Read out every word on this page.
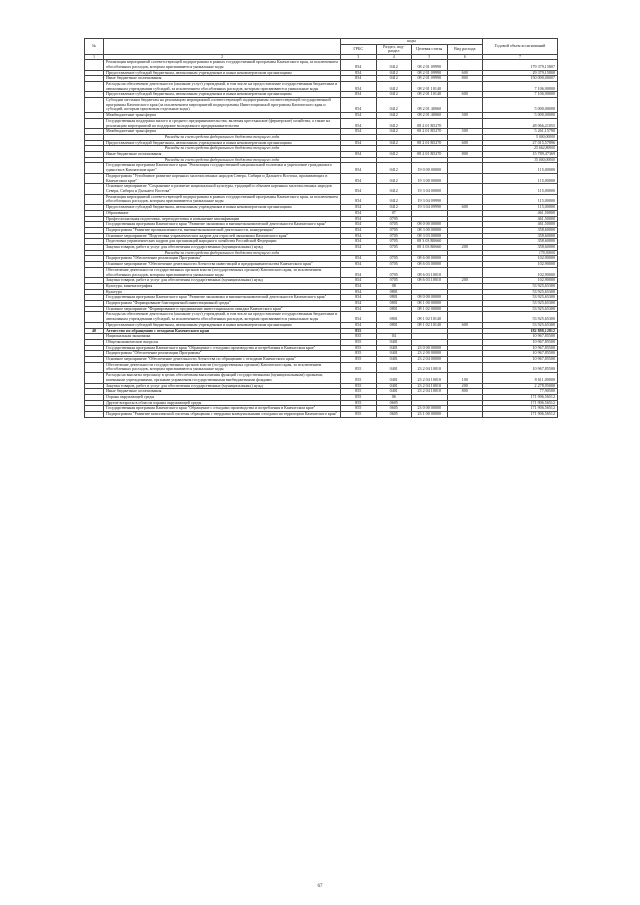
№		коды				Годовой объем ассигнований
		ГРБС	Раздел, под-раздел	Целевая статья	Вид расхода	
1	2	3	4	5	6	7
	Реализация мероприятий соответствующей подпрограммы в рамках государственной программы Камчатского края, за исключением обособленных расходов, которым присваиваются уникальные коды	854	0412	08 2 01 09990		179 379,15807
	Предоставление субсидий бюджетным, автономным учреждениям и иным некоммерческим организациям	854	0412	08 2 01 09990	600	29 379,15800
	Иные бюджетные ассигнования	854	0412	08 2 01 09990	800	150 000,00007
	Расходы на обеспечение деятельности (оказание услуг) учреждений, в том числе на предоставление государственным бюджетным и автономным учреждениям субсидий, за исключением обособленных расходов, которым присваиваются уникальные коды	854	0412	08 2 01 10140		7 106,90000
	Предоставление субсидий бюджетным, автономным учреждениям и иным некоммерческим организациям	854	0412	08 2 01 10140	600	7 106,90000
	Субсидии местным бюджетам на реализацию мероприятий соответствующей подпрограммы соответствующей государственной программы Камчатского края (за исключением мероприятий подпрограммы Инвестиционной программы Камчатского края и субсидий, которым присвоены отдельные коды)	854	0412	08 2 01 40060		5 000,00000
	Межбюджетные трансферты	854	0412	08 2 01 40060	500	5 000,00000
	Государственная поддержка малого и среднего предпринимательства, включая крестьянские (фермерские) хозяйства, а также на реализацию мероприятий по поддержке молодежного предпринимательства	854	0412	08 2 01 R5270		48 066,21055
	Межбюджетные трансферты	854	0412	08 2 01 R5270	500	5 261,15790
	Расходы за счет средств федерального бюджета текущего года					5 000,00000
	Предоставление субсидий бюджетным, автономным учреждениям и иным некоммерческим организациям	854	0412	08 2 01 R5270	600	27 015,57896
	Расходы за счет средств федерального бюджета текущего года					25 662,80000
	Иные бюджетные ассигнования	854	0412	08 2 01 R5270	800	15 789,47369
	Расходы за счет средств федерального бюджета текущего года					15 000,00000
	Государственная программа Камчатского края "Реализация государственной национальной политики и укрепление гражданского единства в Камчатском крае"	854	0412	19 0 00 00000		115,00000
	Подпрограмма "Устойчивое развитие коренных малочисленных народов Севера, Сибири и Дальнего Востока, проживающих в Камчатском крае"	854	0412	19 3 00 00000		115,00000
	Основное мероприятие "Сохранение и развитие национальной культуры, традиций и обычаев коренных малочисленных народов Севера, Сибири и Дальнего Востока"	854	0412	19 3 04 00000		115,00000
	Реализация мероприятий соответствующей подпрограммы в рамках государственной программы Камчатского края, за исключением обособленных расходов, которым присваиваются уникальные коды	854	0412	19 3 04 09990		115,00000
	Предоставление субсидий бюджетным, автономным учреждениям и иным некоммерческим организациям	854	0412	19 3 04 09990	600	115,00000
	Образование	854	07			461,50000
	Профессиональная подготовка, переподготовка и повышение квалификации	854	0705			461,50000
	Государственная программа Камчатского края "Развитие экономики и внешнеэкономической деятельности Камчатского края"	854	0705	08 0 00 00000		461,50000
	Подпрограмма "Развитие промышленности, внешнеэкономической деятельности, конкуренции"	854	0705	08 3 00 00000		358,60000
	Основное мероприятие "Подготовка управленческих кадров для отраслей экономики Камчатского края"	854	0705	08 3 03 00000		358,60000
	Подготовка управленческих кадров для организаций народного хозяйства Российской Федерации	854	0705	08 3 03 R0660		358,60000
	Закупка товаров, работ и услуг для обеспечения государственных (муниципальных) нужд	854	0705	08 3 03 R0660	200	358,60000
	Расходы за счет средств федерального бюджета текущего года					179,30000
	Подпрограмма "Обеспечение реализации Программы"	854	0705	08 6 00 00000		102,90000
	Основное мероприятие "Обеспечение деятельности Агентства инвестиций и предпринимательства Камчатского края"	854	0705	08 6 03 00000		102,90000
	Обеспечение деятельности государственных органов власти (государственных органов) Камчатского края, за исключением обособленных расходов, которым присваиваются уникальные коды	854	0705	08 6 03 10010		102,90000
	Закупка товаров, работ и услуг для обеспечения государственных (муниципальных) нужд	854	0705	08 6 03 10010	200	102,90000
	Культура, кинематография	854	08			53 925,65300
	Культура	854	0801			53 925,65300
	Государственная программа Камчатского края "Развитие экономики и внешнеэкономической деятельности Камчатского края"	854	0801	08 0 00 00000		53 925,65300
	Подпрограмма "Формирование благоприятной инвестиционной среды"	854	0801	08 1 00 00000		53 925,65300
	Основное мероприятие "Формирование и продвижение инвестиционного имиджа Камчатского края"	854	0801	08 1 02 00000		53 925,65300
	Расходы на обеспечение деятельности (оказание услуг) учреждений, в том числе на предоставление государственным бюджетным и автономным учреждениям субсидий, за исключением обособленных расходов, которым присваиваются уникальные коды	854	0801	08 1 02 10140		53 925,65300
	Предоставление субсидий бюджетным, автономным учреждениям и иным некоммерческим организациям	854	0801	08 1 02 10140	600	53 925,65300
40	Агентство по обращению с отходами Камчатского края	855				182 888,12812
	Национальная экономика	855	04			10 967,85500
	Общеэкономические вопросы	855	0401			10 967,85500
	Государственная программа Камчатского края "Обращение с отходами производства и потребления в Камчатском крае"	855	0401	23 0 00 00000		10 967,85500
	Подпрограмма "Обеспечение реализации Программы"	855	0401	23 2 00 00000		10 967,85500
	Основное мероприятие "Обеспечение деятельности Агентства по обращению с отходами Камчатского края"	855	0401	23 2 04 00000		10 967,85500
	Обеспечение деятельности государственных органов власти (государственных органов) Камчатского края, за исключением обособленных расходов, которым присваиваются уникальные коды	855	0401	23 2 04 10010		10 967,85500
	Расходы на выплаты персоналу в целях обеспечения выполнения функций государственными (муниципальными) органами, казенными учреждениями, органами управления государственными внебюджетными фондами	855	0401	23 2 04 10010	100	8 611,00000
	Закупка товаров, работ и услуг для обеспечения государственных (муниципальных) нужд	855	0401	23 2 04 10010	200	2 278,95000
	Иные бюджетные ассигнования	855	0401	23 2 04 10010	800	77,90500
	Охрана окружающей среды	855	06			171 906,56512
	Другие вопросы в области охраны окружающей среды	855	0605			171 906,56512
	Государственная программа Камчатского края "Обращение с отходами производства и потребления в Камчатском крае"	855	0605	23 0 00 00000		171 906,56512
	Подпрограмма "Развитие комплексной системы обращения с твердыми коммунальными отходами на территории Камчатского края"	855	0605	23 1 00 00000		171 906,56512
67
